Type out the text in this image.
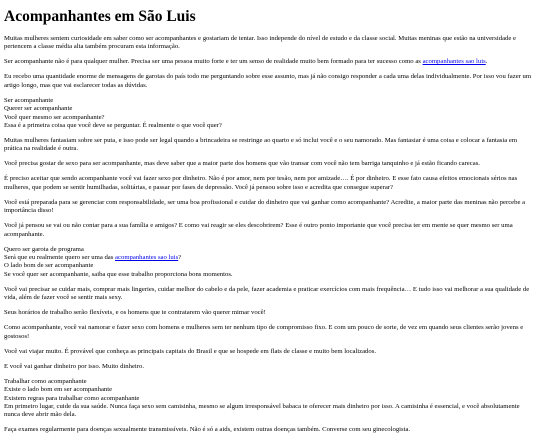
Acompanhantes em São Luis
Muitas mulheres sentem curiosidade em saber como ser acompanhantes e gostariam de tentar. Isso independe do nível de estudo e da classe social. Muitas meninas que estão na universidade e pertencem a classe média alta também procuram esta informação.
Ser acompanhante não é para qualquer mulher. Precisa ser uma pessoa muito forte e ter um senso de realidade muito bem formado para ter sucesso como as acompanhantes sao luis.
Eu recebo uma quantidade enorme de mensagens de garotas do país todo me perguntando sobre esse assunto, mas já não consigo responder a cada uma delas individualmente. Por isso vou fazer um artigo longo, mas que vai esclarecer todas as dúvidas.
Ser acompanhante
Querer ser acompanhante
Você quer mesmo ser acompanhante?
Essa é a primeira coisa que você deve se perguntar. É realmente o que você quer?
Muitas mulheres fantasiam sobre ser puta, e isso pode ser legal quando a brincadeira se restringe ao quarto e só inclui você e o seu namorado. Mas fantasiar é uma coisa e colocar a fantasia em prática na realidade é outra.
Você precisa gostar de sexo para ser acompanhante, mas deve saber que a maior parte dos homens que vão transar com você não tem barriga tanquinho e já estão ficando carecas.
É preciso aceitar que sendo acompanhante você vai fazer sexo por dinheiro. Não é por amor, nem por tesão, nem por amizade…. É por dinheiro. E esse fato causa efeitos emocionais sérios nas mulheres, que podem se sentir humilhadas, solitárias, e passar por fases de depressão. Você já pensou sobre isso e acredita que consegue superar?
Você está preparada para se gerenciar com responsabilidade, ser uma boa profissional e cuidar do dinheiro que vai ganhar como acompanhante? Acredite, a maior parte das meninas não percebe a importância disso!
Você já pensou se vai ou não contar para a sua família e amigos? E como vai reagir se eles descobrirem? Esse é outro ponto importante que você precisa ter em mente se quer mesmo ser uma acompanhante.
Quero ser garota de programa
Será que eu realmente quero ser uma das acompanhantes sao luis?
O lado bom de ser acompanhante
Se você quer ser acompanhante, saiba que esse trabalho proporciona bons momentos.
Você vai precisar se cuidar mais, comprar mais lingeries, cuidar melhor do cabelo e da pele, fazer academia e praticar exercícios com mais frequência… E tudo isso vai melhorar a sua qualidade de vida, além de fazer você se sentir mais sexy.
Seus horários de trabalho serão flexíveis, e os homens que te contratarem vão querer mimar você!
Como acompanhante, você vai namorar e fazer sexo com homens e mulheres sem ter nenhum tipo de compromisso fixo. E com um pouco de sorte, de vez em quando seus clientes serão jovens e gostosos!
Você vai viajar muito. É provável que conheça as principais capitais do Brasil e que se hospede em flats de classe e muito bem localizados.
E você vai ganhar dinheiro por isso. Muito dinheiro.
Trabalhar como acompanhante
Existe o lado bom em ser acompanhante
Existem regras para trabalhar como acompanhante
Em primeiro lugar, cuide da sua saúde. Nunca faça sexo sem camisinha, mesmo se algum irresponsável babaca te oferecer mais dinheiro por isso. A camisinha é essencial, e você absolutamente nunca deve abrir mão dela.
Faça exames regularmente para doenças sexualmente transmissíveis. Não é só a aids, existem outras doenças também. Converse com seu ginecologista.
